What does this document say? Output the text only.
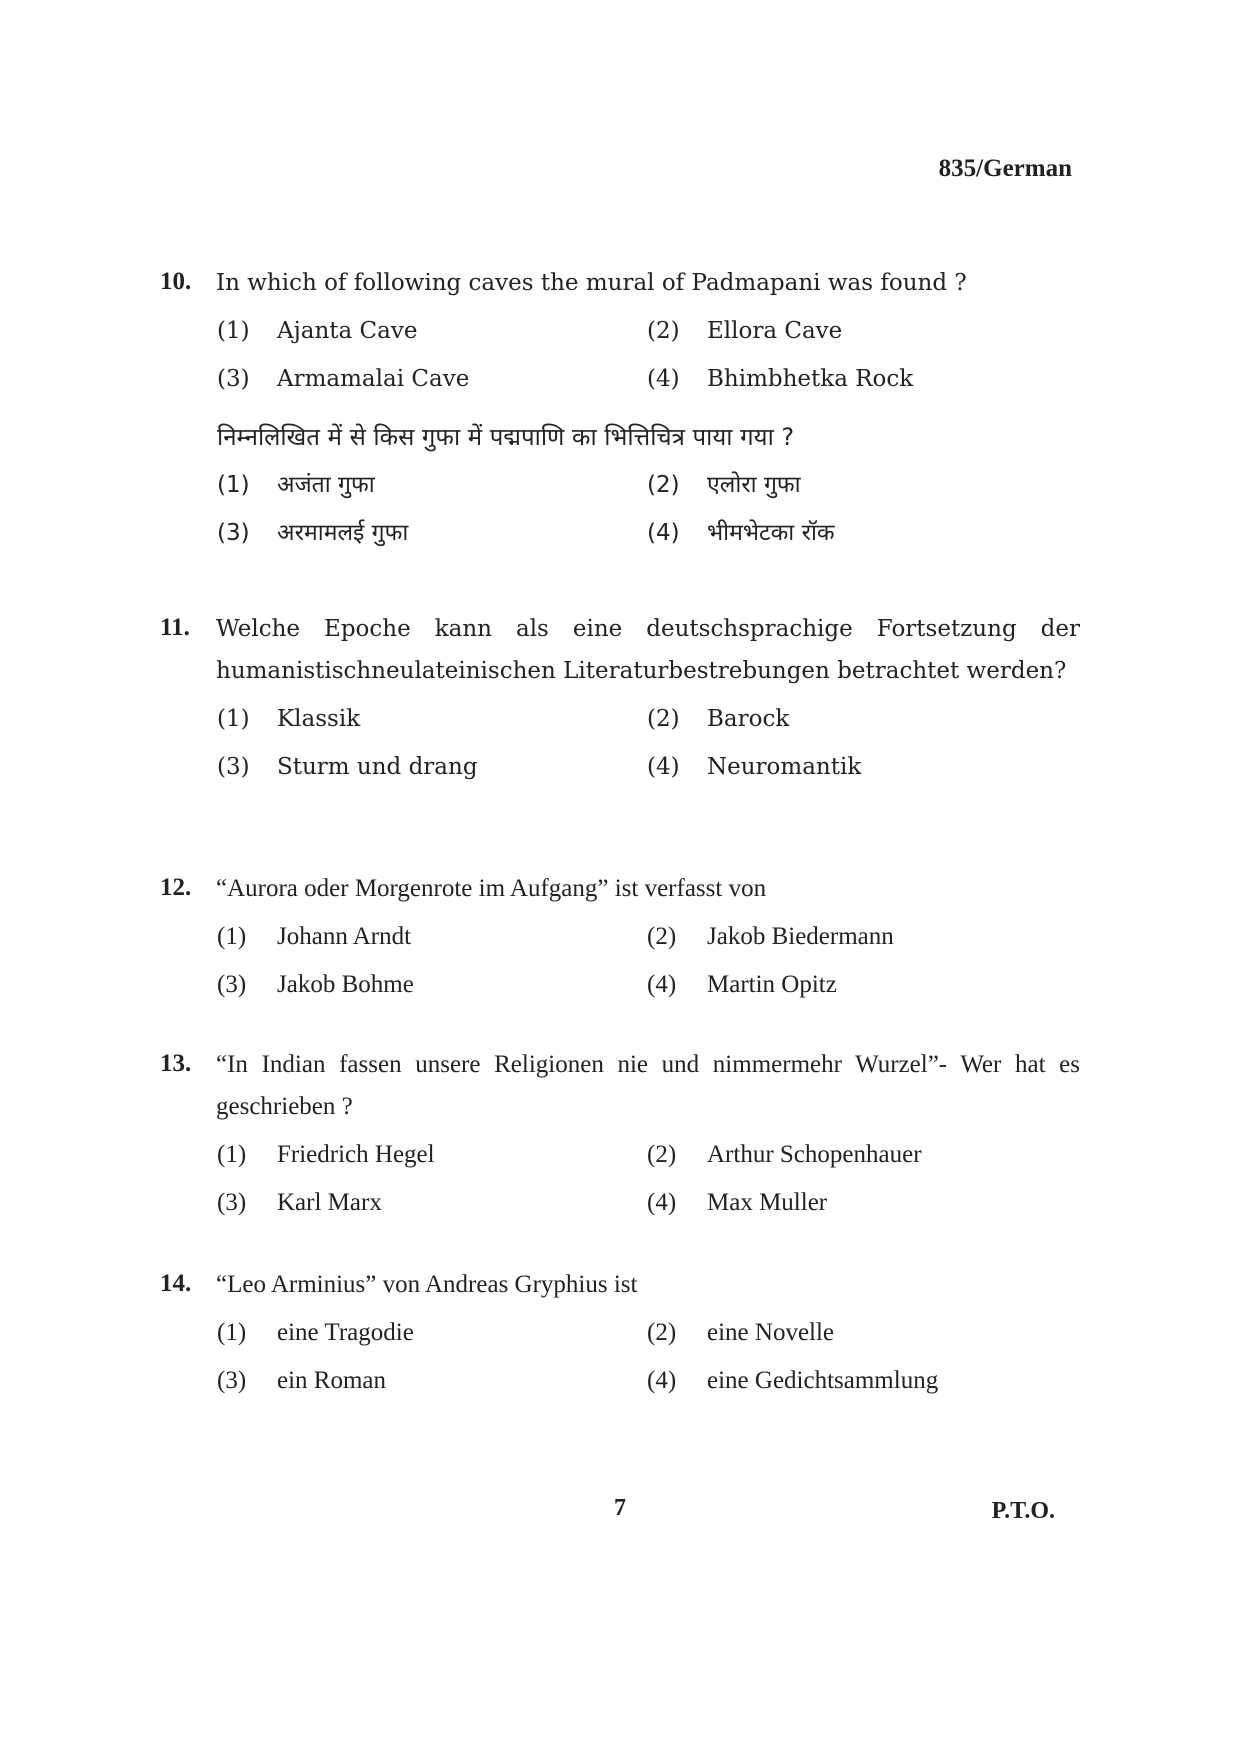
835/German
10.	In which of following caves the mural of Padmapani was found ?
(1)	Ajanta Cave	(2)	Ellora Cave
(3)	Armamalai Cave	(4)	Bhimbhetka Rock
निम्नलिखित में से किस गुफा में पद्मपाणि का भित्तिचित्र पाया गया ?
(1)	अजंता गुफा	(2)	एलोरा गुफा
(3)	अरमामलई गुफा	(4)	भीमभेटका रॉक
11.	Welche Epoche kann als eine deutschsprachige Fortsetzung der humanistischneulateinischen Literaturbestrebungen betrachtet werden?
(1)	Klassik	(2)	Barock
(3)	Sturm und drang	(4)	Neuromantik
12. “Aurora oder Morgenrote im Aufgang” ist verfasst von
(1)	Johann Arndt	(2)	Jakob Biedermann
(3)	Jakob Bohme	(4)	Martin Opitz
13. “In Indian fassen unsere Religionen nie und nimmermehr Wurzel”- Wer hat es geschrieben ?
(1)	Friedrich Hegel	(2)	Arthur Schopenhauer
(3)	Karl Marx	(4)	Max Muller
14. “Leo Arminius” von Andreas Gryphius ist
(1)	eine Tragodie	(2)	eine Novelle
(3)	ein Roman	(4)	eine Gedichtsammlung
7	P.T.O.
